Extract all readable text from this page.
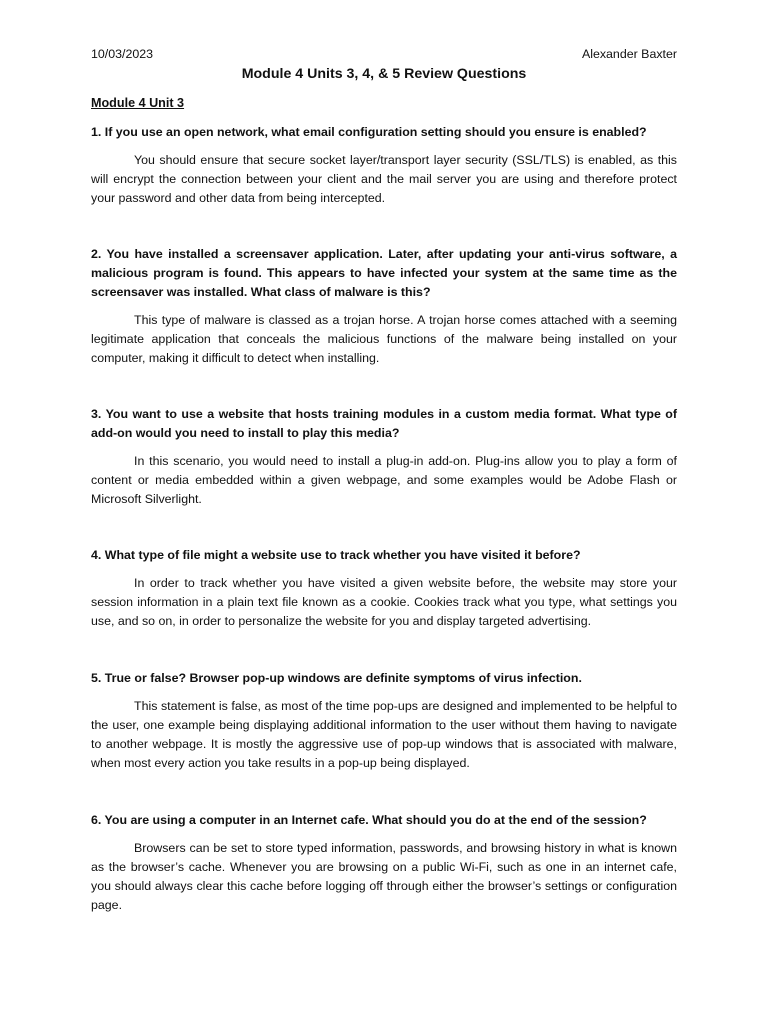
10/03/2023	Alexander Baxter
Module 4 Units 3, 4, & 5 Review Questions
Module 4 Unit 3

1. If you use an open network, what email configuration setting should you ensure is enabled?

You should ensure that secure socket layer/transport layer security (SSL/TLS) is enabled, as this will encrypt the connection between your client and the mail server you are using and therefore protect your password and other data from being intercepted.

2. You have installed a screensaver application. Later, after updating your anti-virus software, a malicious program is found. This appears to have infected your system at the same time as the screensaver was installed. What class of malware is this?

This type of malware is classed as a trojan horse. A trojan horse comes attached with a seeming legitimate application that conceals the malicious functions of the malware being installed on your computer, making it difficult to detect when installing.

3. You want to use a website that hosts training modules in a custom media format. What type of add-on would you need to install to play this media?

In this scenario, you would need to install a plug-in add-on. Plug-ins allow you to play a form of content or media embedded within a given webpage, and some examples would be Adobe Flash or Microsoft Silverlight.

4. What type of file might a website use to track whether you have visited it before?

In order to track whether you have visited a given website before, the website may store your session information in a plain text file known as a cookie. Cookies track what you type, what settings you use, and so on, in order to personalize the website for you and display targeted advertising.

5. True or false? Browser pop-up windows are definite symptoms of virus infection.

This statement is false, as most of the time pop-ups are designed and implemented to be helpful to the user, one example being displaying additional information to the user without them having to navigate to another webpage. It is mostly the aggressive use of pop-up windows that is associated with malware, when most every action you take results in a pop-up being displayed.

6. You are using a computer in an Internet cafe. What should you do at the end of the session?

Browsers can be set to store typed information, passwords, and browsing history in what is known as the browser’s cache. Whenever you are browsing on a public Wi-Fi, such as one in an internet cafe, you should always clear this cache before logging off through either the browser’s settings or configuration page.
